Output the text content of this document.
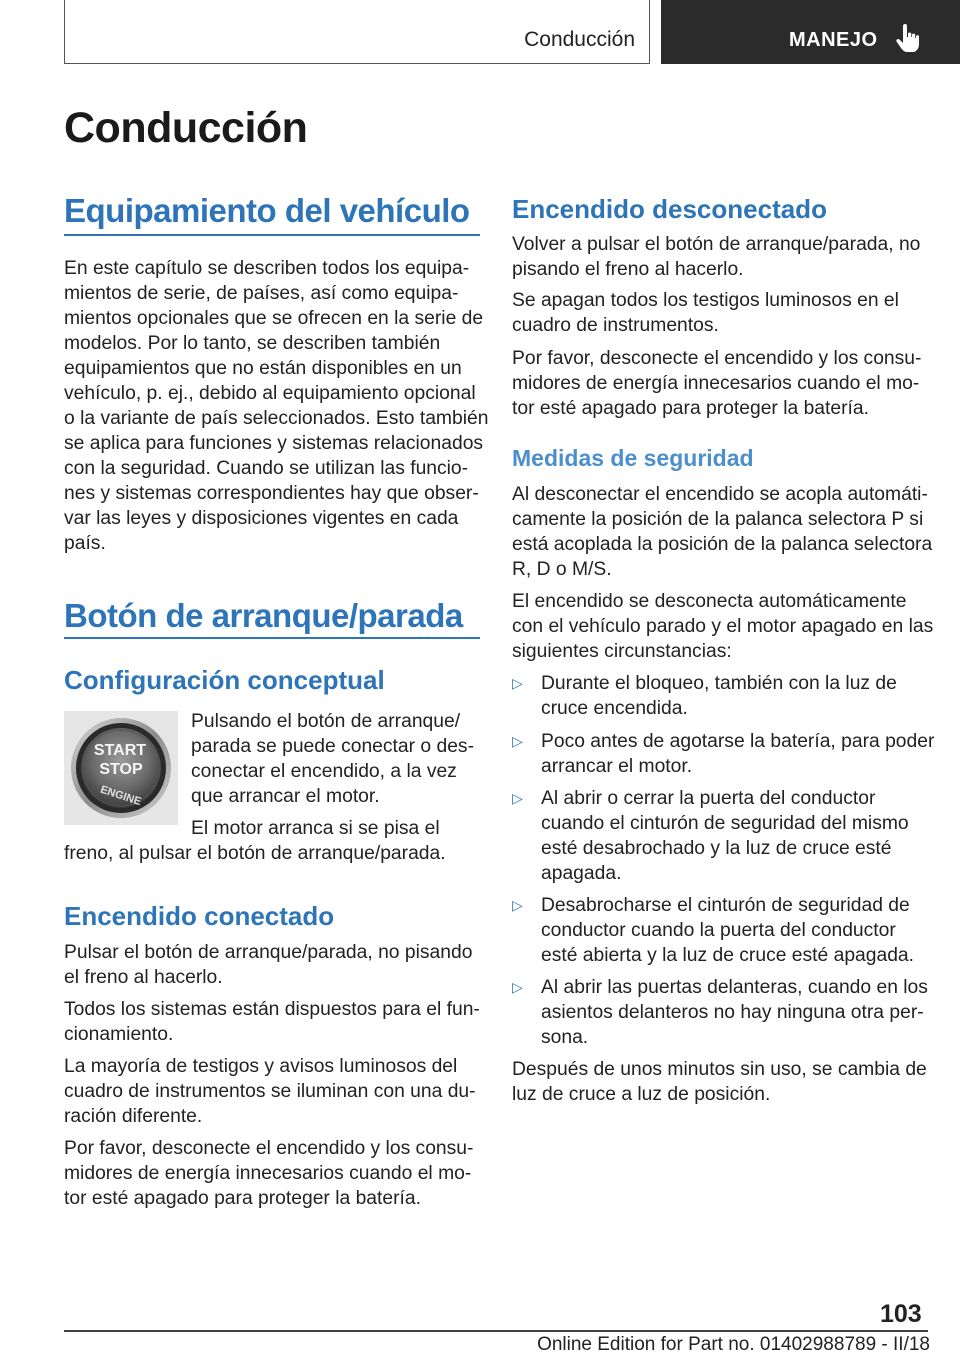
Conducción	MANEJO
Conducción
Equipamiento del vehículo
En este capítulo se describen todos los equipa-
mientos de serie, de países, así como equipa-
mientos opcionales que se ofrecen en la serie de
modelos. Por lo tanto, se describen también
equipamientos que no están disponibles en un
vehículo, p. ej., debido al equipamiento opcional
o la variante de país seleccionados. Esto también
se aplica para funciones y sistemas relacionados
con la seguridad. Cuando se utilizan las funcio-
nes y sistemas correspondientes hay que obser-
var las leyes y disposiciones vigentes en cada
país.
Botón de arranque/parada
Configuración conceptual
START
STOP
ENGINE
Pulsando el botón de arranque/
parada se puede conectar o des-
conectar el encendido, a la vez
que arrancar el motor.
El motor arranca si se pisa el
freno, al pulsar el botón de arranque/parada.
Encendido conectado
Pulsar el botón de arranque/parada, no pisando
el freno al hacerlo.
Todos los sistemas están dispuestos para el fun-
cionamiento.
La mayoría de testigos y avisos luminosos del
cuadro de instrumentos se iluminan con una du-
ración diferente.
Por favor, desconecte el encendido y los consu-
midores de energía innecesarios cuando el mo-
tor esté apagado para proteger la batería.
Encendido desconectado
Volver a pulsar el botón de arranque/parada, no
pisando el freno al hacerlo.
Se apagan todos los testigos luminosos en el
cuadro de instrumentos.
Por favor, desconecte el encendido y los consu-
midores de energía innecesarios cuando el mo-
tor esté apagado para proteger la batería.
Medidas de seguridad
Al desconectar el encendido se acopla automáti-
camente la posición de la palanca selectora P si
está acoplada la posición de la palanca selectora
R, D o M/S.
El encendido se desconecta automáticamente
con el vehículo parado y el motor apagado en las
siguientes circunstancias:
▷ Durante el bloqueo, también con la luz de
cruce encendida.
▷ Poco antes de agotarse la batería, para poder
arrancar el motor.
▷ Al abrir o cerrar la puerta del conductor
cuando el cinturón de seguridad del mismo
esté desabrochado y la luz de cruce esté
apagada.
▷ Desabrocharse el cinturón de seguridad de
conductor cuando la puerta del conductor
esté abierta y la luz de cruce esté apagada.
▷ Al abrir las puertas delanteras, cuando en los
asientos delanteros no hay ninguna otra per-
sona.
Después de unos minutos sin uso, se cambia de
luz de cruce a luz de posición.
103
Online Edition for Part no. 01402988789 - II/18
